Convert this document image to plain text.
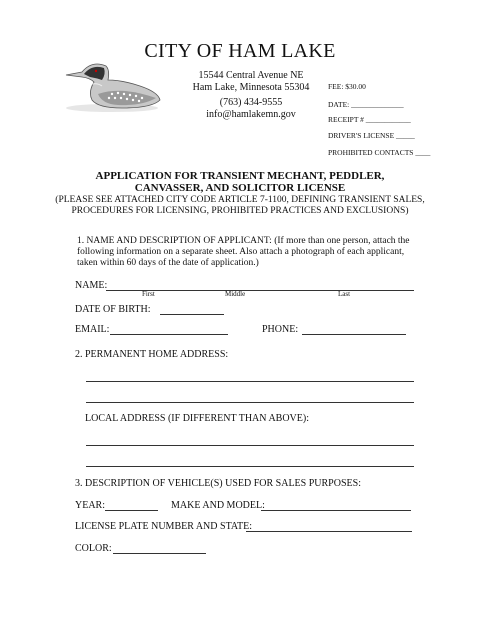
CITY OF HAM LAKE
15544 Central Avenue NE
Ham Lake, Minnesota 55304
(763) 434-9555
info@hamlakemn.gov
FEE: $30.00
DATE: ______________
RECEIPT # ____________
DRIVER'S LICENSE _____
PROHIBITED CONTACTS ____
APPLICATION FOR TRANSIENT MECHANT, PEDDLER,
CANVASSER, AND SOLICITOR LICENSE
(PLEASE SEE ATTACHED CITY CODE ARTICLE 7-1100, DEFINING TRANSIENT SALES,
PROCEDURES FOR LICENSING, PROHIBITED PRACTICES AND EXCLUSIONS)
1. NAME AND DESCRIPTION OF APPLICANT: (If more than one person, attach the following information on a separate sheet. Also attach a photograph of each applicant, taken within 60 days of the date of application.)
NAME:
First	Middle	Last
DATE OF BIRTH:
EMAIL:	PHONE:
2. PERMANENT HOME ADDRESS:
LOCAL ADDRESS (IF DIFFERENT THAN ABOVE):
3. DESCRIPTION OF VEHICLE(S) USED FOR SALES PURPOSES:
YEAR:	MAKE AND MODEL:
LICENSE PLATE NUMBER AND STATE:
COLOR:
